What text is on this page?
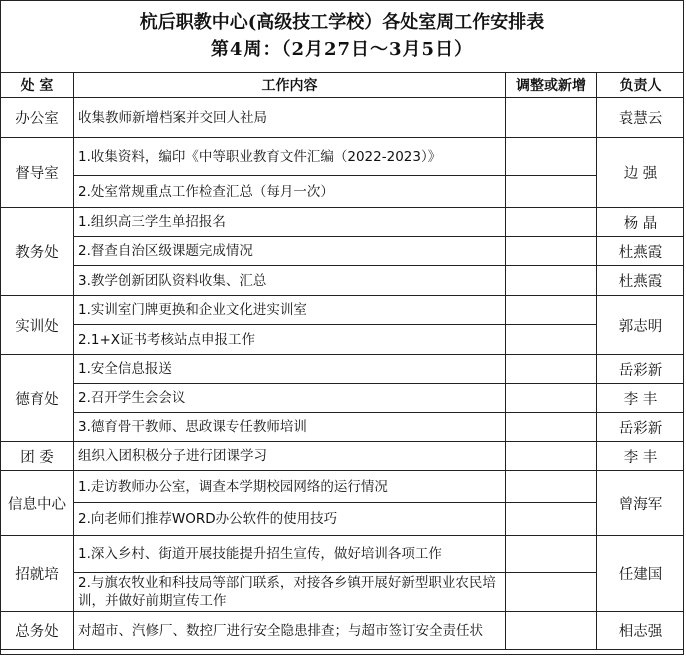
杭后职教中心(高级技工学校）各处室周工作安排表
第4周：（2月27日～3月5日）
处 室	工作内容	调整或新增	负责人
办公室	收集教师新增档案并交回人社局		袁慧云
督导室	1.收集资料，编印《中等职业教育文件汇编（2022-2023）》		边 强
	2.处室常规重点工作检查汇总（每月一次）		
教务处	1.组织高三学生单招报名		杨 晶
	2.督查自治区级课题完成情况		杜燕霞
	3.教学创新团队资料收集、汇总		杜燕霞
实训处	1.实训室门牌更换和企业文化进实训室		郭志明
	2.1+X证书考核站点申报工作		
德育处	1.安全信息报送		岳彩新
	2.召开学生会会议		李 丰
	3.德育骨干教师、思政课专任教师培训		岳彩新
团 委	组织入团积极分子进行团课学习		李 丰
信息中心	1.走访教师办公室，调查本学期校园网络的运行情况		曾海军
	2.向老师们推荐WORD办公软件的使用技巧		
招就培	1.深入乡村、街道开展技能提升招生宣传，做好培训各项工作		任建国
	2.与旗农牧业和科技局等部门联系，对接各乡镇开展好新型职业农民培训，并做好前期宣传工作		
总务处	对超市、汽修厂、数控厂进行安全隐患排查；与超市签订安全责任状		相志强
